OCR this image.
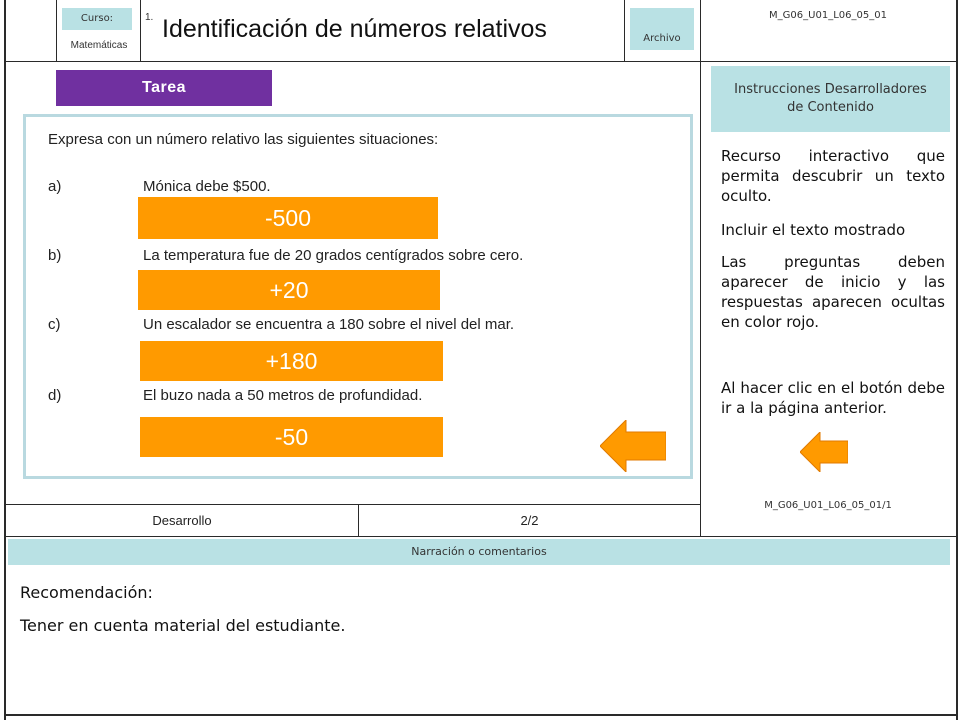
Curso:
Matemáticas
1. Identificación de números relativos	Archivo
M_G06_U01_L06_05_01
Tarea
Expresa con un número relativo las siguientes situaciones:
a)	Mónica debe $500.
-500
b)	La temperatura fue de 20 grados centígrados sobre cero.
+20
c)	Un escalador se encuentra a 180 sobre el nivel del mar.
+180
d)	El buzo nada a 50 metros de profundidad.
-50
Instrucciones Desarrolladores de Contenido

Recurso interactivo que permita descubrir un texto oculto.

Incluir el texto mostrado

Las preguntas deben aparecer de inicio y las respuestas aparecen ocultas en color rojo.

Al hacer clic en el botón debe ir a la página anterior.

M_G06_U01_L06_05_01/1
Desarrollo	2/2
Narración o comentarios
Recomendación:
Tener en cuenta material del estudiante.
